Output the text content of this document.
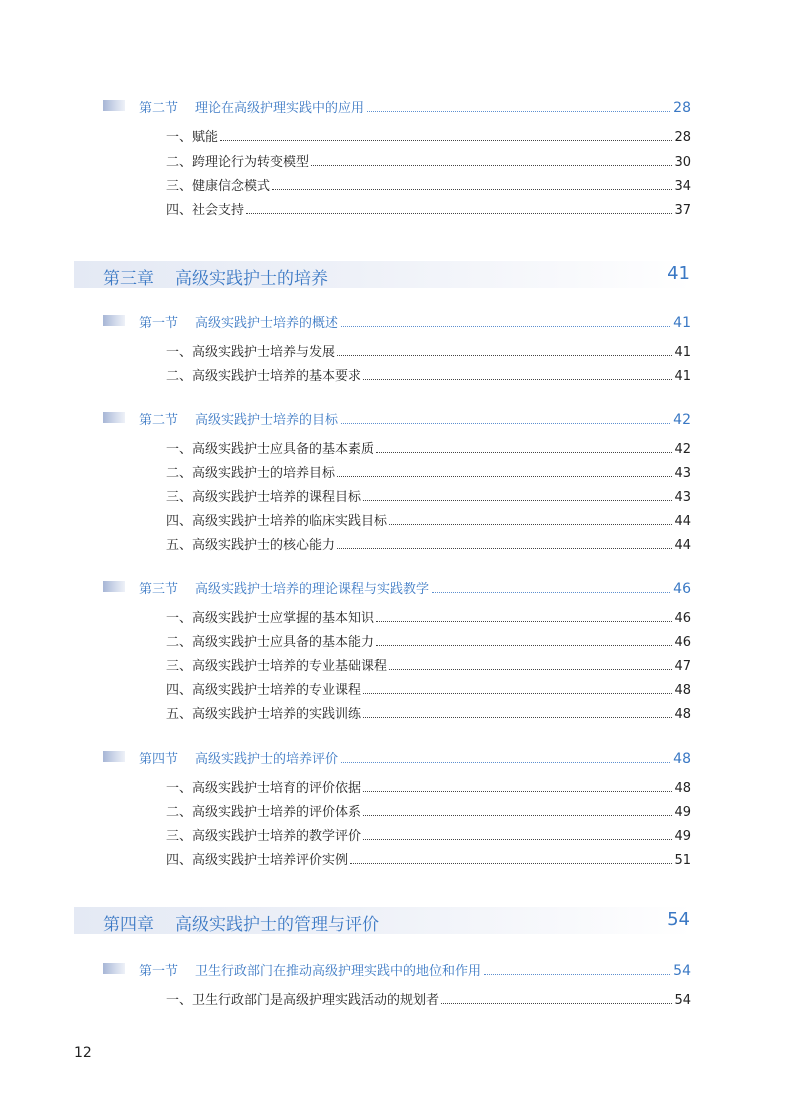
第二节 理论在高级护理实践中的应用	28
一、赋能	28
二、跨理论行为转变模型	30
三、健康信念模式	34
四、社会支持	37
第三章 高级实践护士的培养	41
第一节 高级实践护士培养的概述	41
一、高级实践护士培养与发展	41
二、高级实践护士培养的基本要求	41
第二节 高级实践护士培养的目标	42
一、高级实践护士应具备的基本素质	42
二、高级实践护士的培养目标	43
三、高级实践护士培养的课程目标	43
四、高级实践护士培养的临床实践目标	44
五、高级实践护士的核心能力	44
第三节 高级实践护士培养的理论课程与实践教学	46
一、高级实践护士应掌握的基本知识	46
二、高级实践护士应具备的基本能力	46
三、高级实践护士培养的专业基础课程	47
四、高级实践护士培养的专业课程	48
五、高级实践护士培养的实践训练	48
第四节 高级实践护士的培养评价	48
一、高级实践护士培育的评价依据	48
二、高级实践护士培养的评价体系	49
三、高级实践护士培养的教学评价	49
四、高级实践护士培养评价实例	51
第四章 高级实践护士的管理与评价	54
第一节 卫生行政部门在推动高级护理实践中的地位和作用	54
一、卫生行政部门是高级护理实践活动的规划者	54
12
